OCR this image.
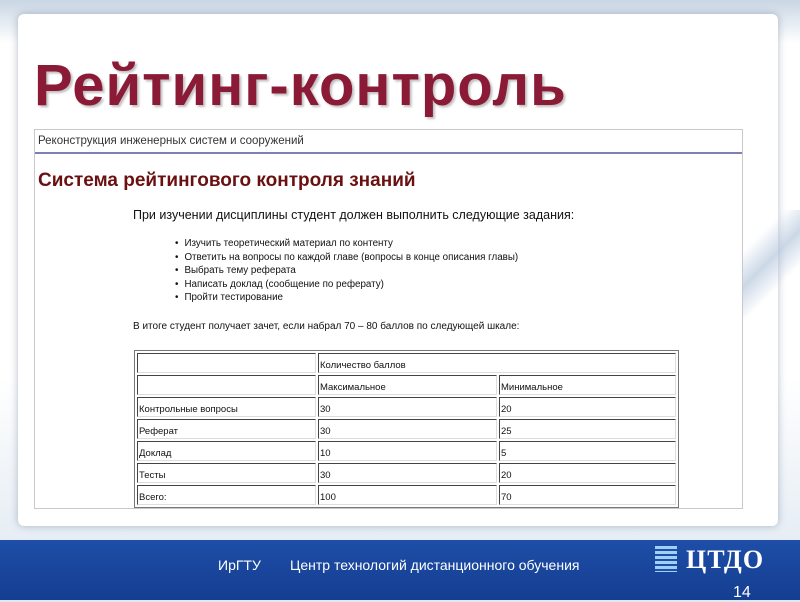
Рейтинг-контроль
Реконструкция инженерных систем и сооружений
Система рейтингового контроля знаний
При изучении дисциплины студент должен выполнить следующие задания:
• Изучить теоретический материал по контенту
• Ответить на вопросы по каждой главе (вопросы в конце описания главы)
• Выбрать тему реферата
• Написать доклад (сообщение по реферату)
• Пройти тестирование
В итоге студент получает зачет, если набрал 70 – 80 баллов по следующей шкале:
	Количество баллов	
	Максимальное	Минимальное
Контрольные вопросы	30	20
Реферат	30	25
Доклад	10	5
Тесты	30	20
Всего:	100	70
ИрГТУ Центр технологий дистанционного обучения	ЦТДО
14
